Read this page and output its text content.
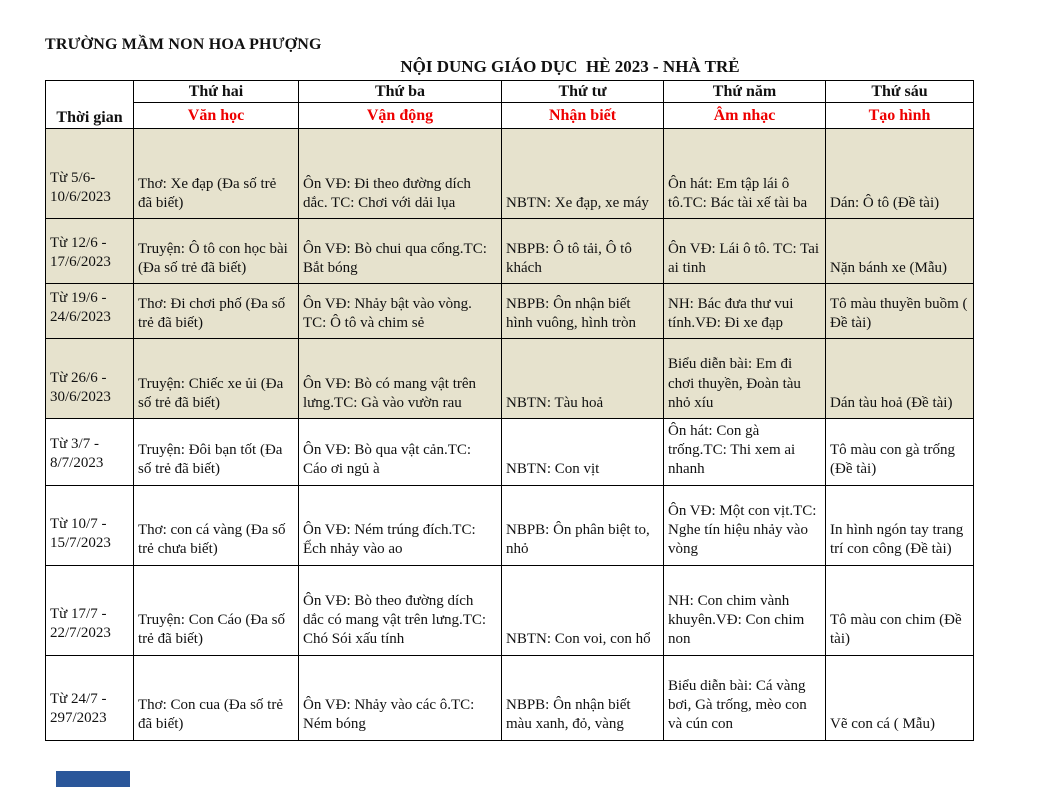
TRƯỜNG MẦM NON HOA PHƯỢNG
NỘI DUNG GIÁO DỤC  HÈ 2023 - NHÀ TRẺ
Thời gian	Thứ hai	Thứ ba	Thứ tư	Thứ năm	Thứ sáu
	Văn học	Vận động	Nhận biết	Âm nhạc	Tạo hình
Từ 5/6-10/6/2023	Thơ: Xe đạp (Đa số trẻ đã biết)	Ôn VĐ: Đi theo đường dích dắc. TC: Chơi với dải lụa	NBTN: Xe đạp, xe máy	Ôn hát: Em tập lái ô tô.TC: Bác tài xế tài ba	Dán: Ô tô (Đề tài)
Từ 12/6 - 17/6/2023	Truyện: Ô tô con học bài (Đa số trẻ đã biết)	Ôn VĐ: Bò chui qua cổng.TC: Bắt bóng	NBPB: Ô tô tải, Ô tô khách	Ôn VĐ: Lái ô tô. TC: Tai ai tinh	Nặn bánh xe (Mẫu)
Từ 19/6 - 24/6/2023	Thơ: Đi chơi phố (Đa số trẻ đã biết)	Ôn VĐ: Nhảy bật vào vòng. TC: Ô tô và chim sẻ	NBPB: Ôn nhận biết hình vuông, hình tròn	NH: Bác đưa thư vui tính.VĐ: Đi xe đạp	Tô màu thuyền buồm ( Đề tài)
Từ 26/6 - 30/6/2023	Truyện: Chiếc xe ủi (Đa số trẻ đã biết)	Ôn VĐ: Bò có mang vật trên lưng.TC: Gà vào vườn rau	NBTN: Tàu hoả	Biểu diễn bài: Em đi chơi thuyền, Đoàn tàu nhỏ xíu	Dán tàu hoả (Đề tài)
Từ 3/7 - 8/7/2023	Truyện: Đôi bạn tốt (Đa số trẻ đã biết)	Ôn VĐ: Bò qua vật cản.TC: Cáo ơi ngủ à	NBTN: Con vịt	Ôn hát: Con gà trống.TC: Thi xem ai nhanh	Tô màu con gà trống (Đề tài)
Từ 10/7 - 15/7/2023	Thơ: con cá vàng (Đa số trẻ chưa biết)	Ôn VĐ: Ném trúng đích.TC: Ếch nhảy vào ao	NBPB: Ôn phân biệt to, nhỏ	Ôn VĐ: Một con vịt.TC: Nghe tín hiệu nhảy vào vòng	In hình ngón tay trang trí con công (Đề tài)
Từ 17/7 - 22/7/2023	Truyện: Con Cáo (Đa số trẻ đã biết)	Ôn VĐ: Bò theo đường dích dắc có mang vật trên lưng.TC: Chó Sói xấu tính	NBTN: Con voi, con hổ	NH: Con chim vành khuyên.VĐ: Con chim non	Tô màu con chim (Đề tài)
Từ 24/7 - 297/2023	Thơ: Con cua (Đa số trẻ đã biết)	Ôn VĐ: Nhảy vào các ô.TC: Ném bóng	NBPB: Ôn nhận biết màu xanh, đỏ, vàng	Biểu diễn bài: Cá vàng bơi, Gà trống, mèo con và cún con	Vẽ con cá ( Mẫu)
